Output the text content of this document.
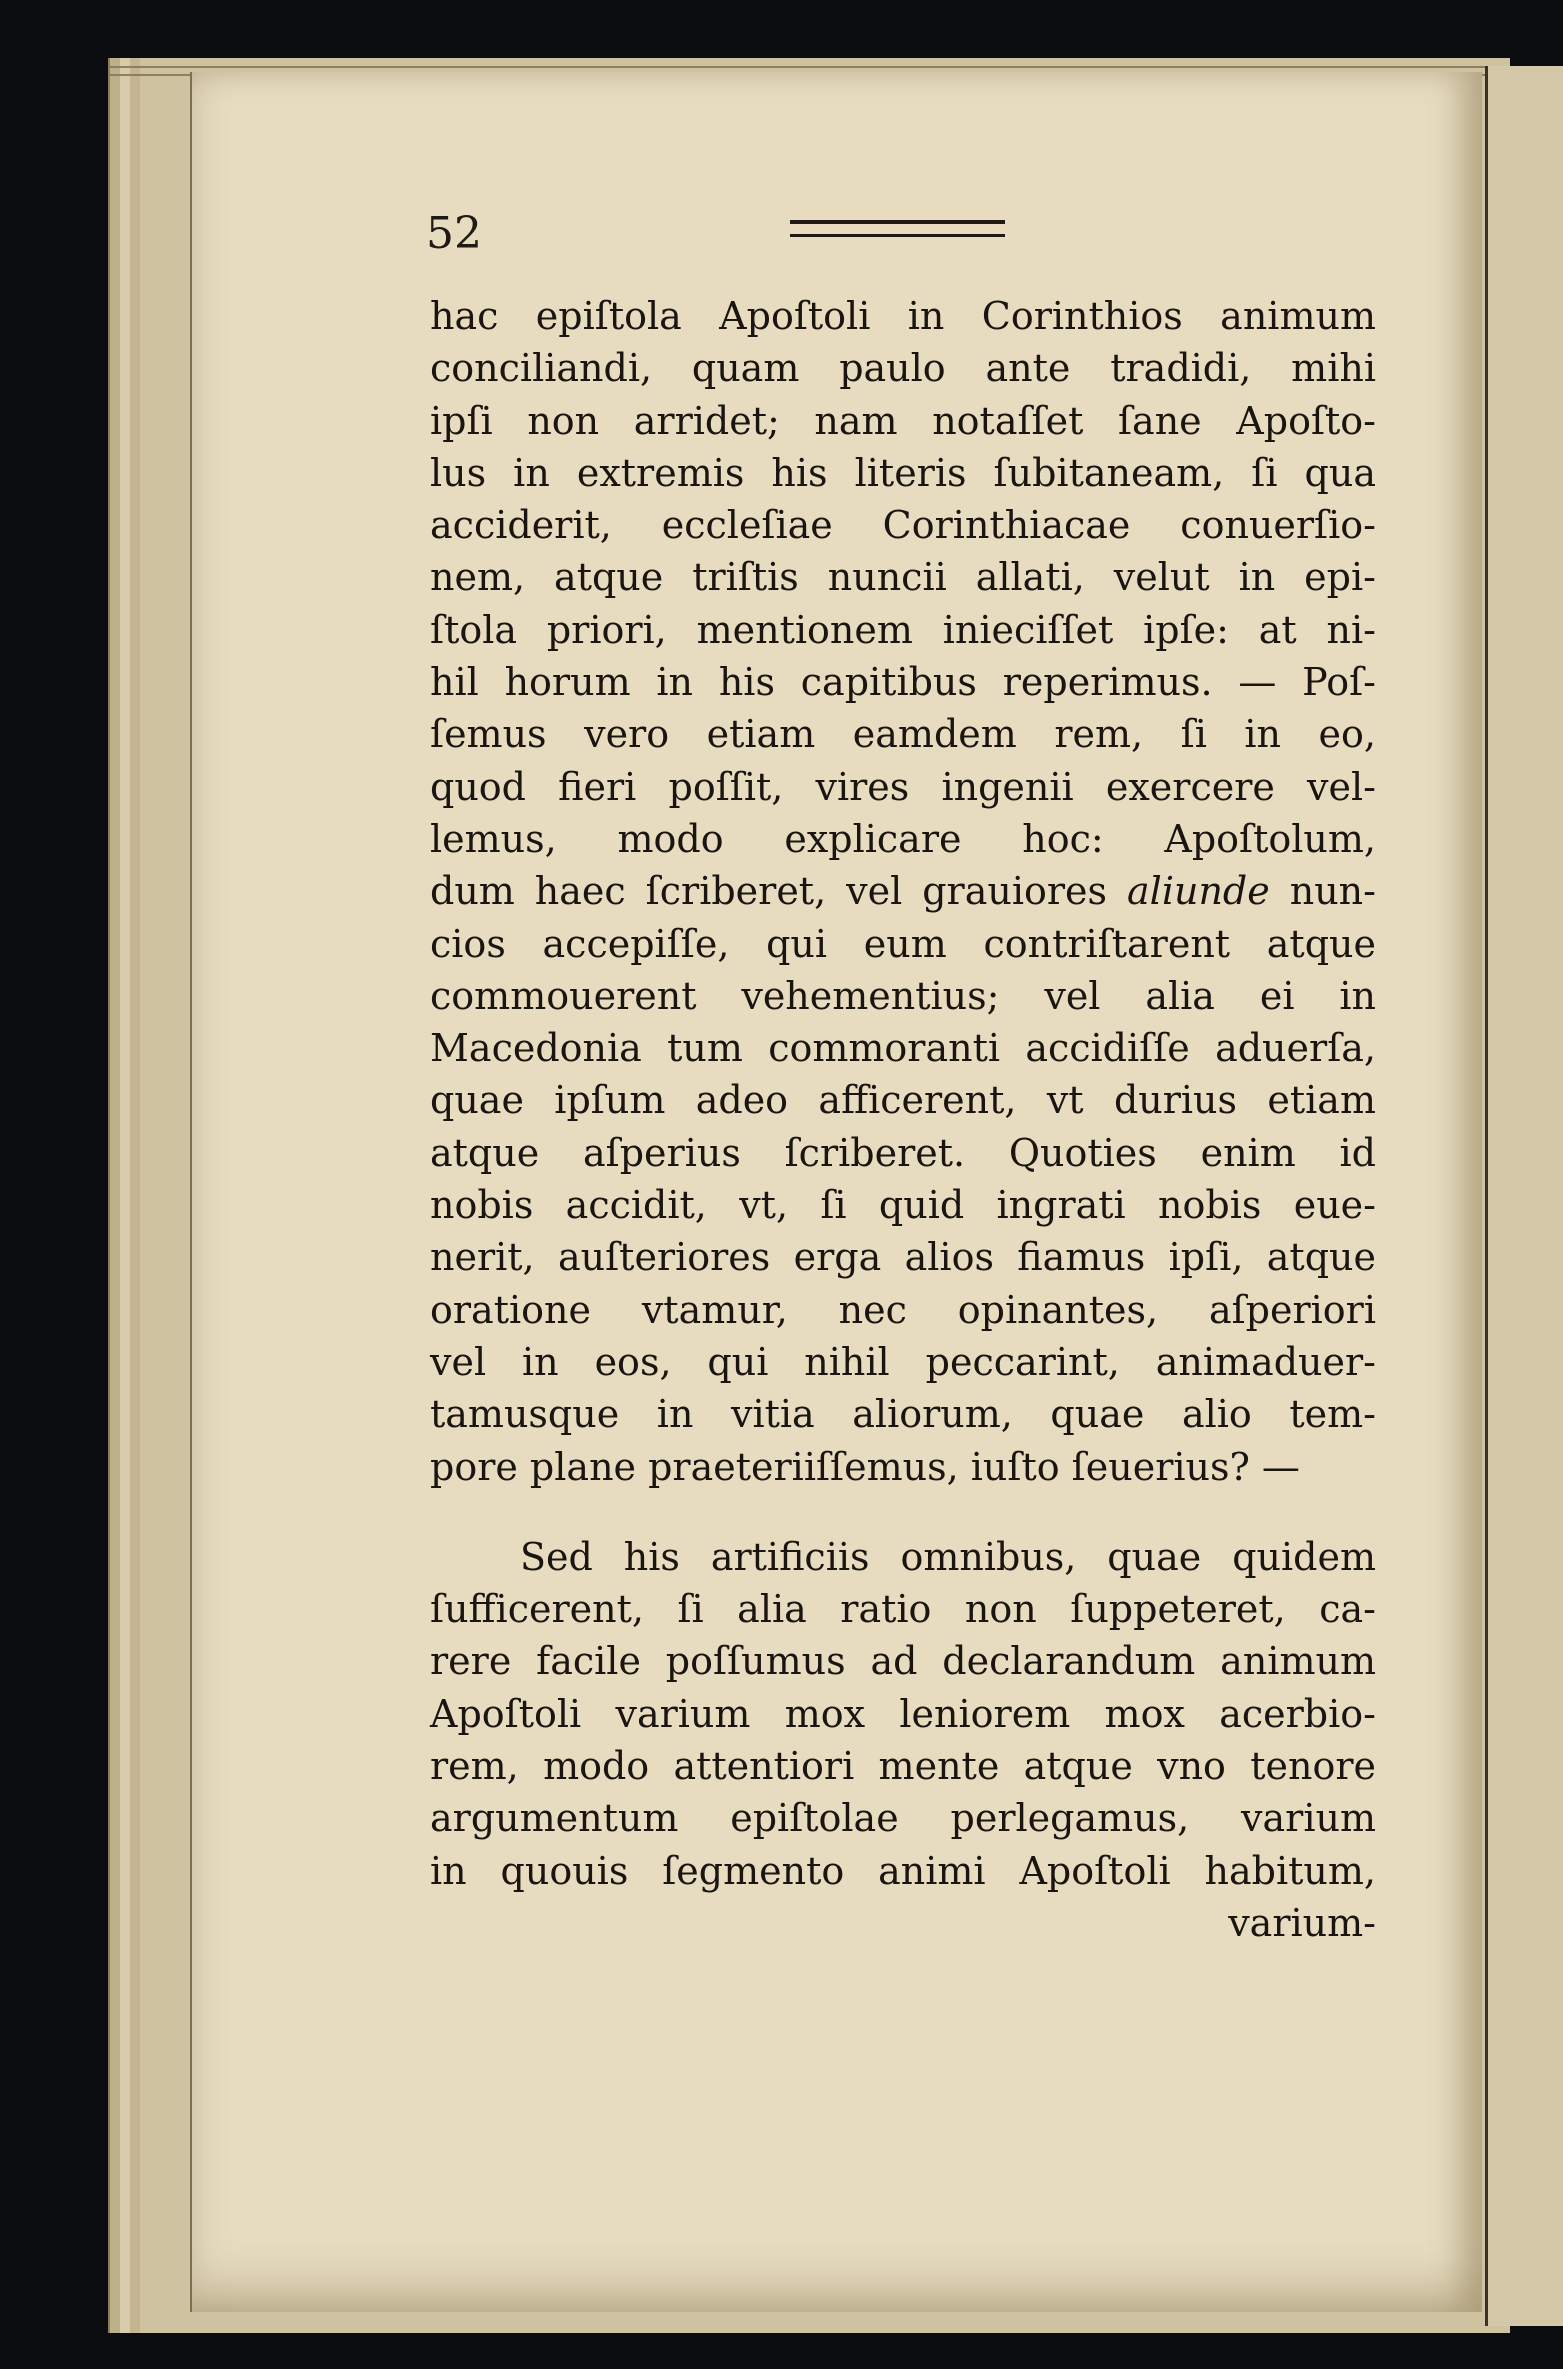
52
hac epiſtola Apoſtoli in Corinthios animum
conciliandi, quam paulo ante tradidi, mihi
ipſi non arridet; nam notaſſet ſane Apoſto-
lus in extremis his literis ſubitaneam, ſi qua
acciderit, eccleſiae Corinthiacae conuerſio-
nem, atque triſtis nuncii allati, velut in epi-
ſtola priori, mentionem inieciſſet ipſe: at ni-
hil horum in his capitibus reperimus. — Poſ-
ſemus vero etiam eamdem rem, ſi in eo,
quod fieri poſſit, vires ingenii exercere vel-
lemus, modo explicare hoc: Apoſtolum,
dum haec ſcriberet, vel grauiores aliunde nun-
cios accepiſſe, qui eum contriſtarent atque
commouerent vehementius; vel alia ei in
Macedonia tum commoranti accidiſſe aduerſa,
quae ipſum adeo afficerent, vt durius etiam
atque aſperius ſcriberet. Quoties enim id
nobis accidit, vt, ſi quid ingrati nobis eue-
nerit, auſteriores erga alios fiamus ipſi, atque
oratione vtamur, nec opinantes, aſperiori
vel in eos, qui nihil peccarint, animaduer-
tamusque in vitia aliorum, quae alio tem-
pore plane praeteriiſſemus, iuſto ſeuerius? —
Sed his artificiis omnibus, quae quidem
ſufficerent, ſi alia ratio non ſuppeteret, ca-
rere facile poſſumus ad declarandum animum
Apoſtoli varium mox leniorem mox acerbio-
rem, modo attentiori mente atque vno tenore
argumentum epiſtolae perlegamus, varium
in quouis ſegmento animi Apoſtoli habitum,
varium-
